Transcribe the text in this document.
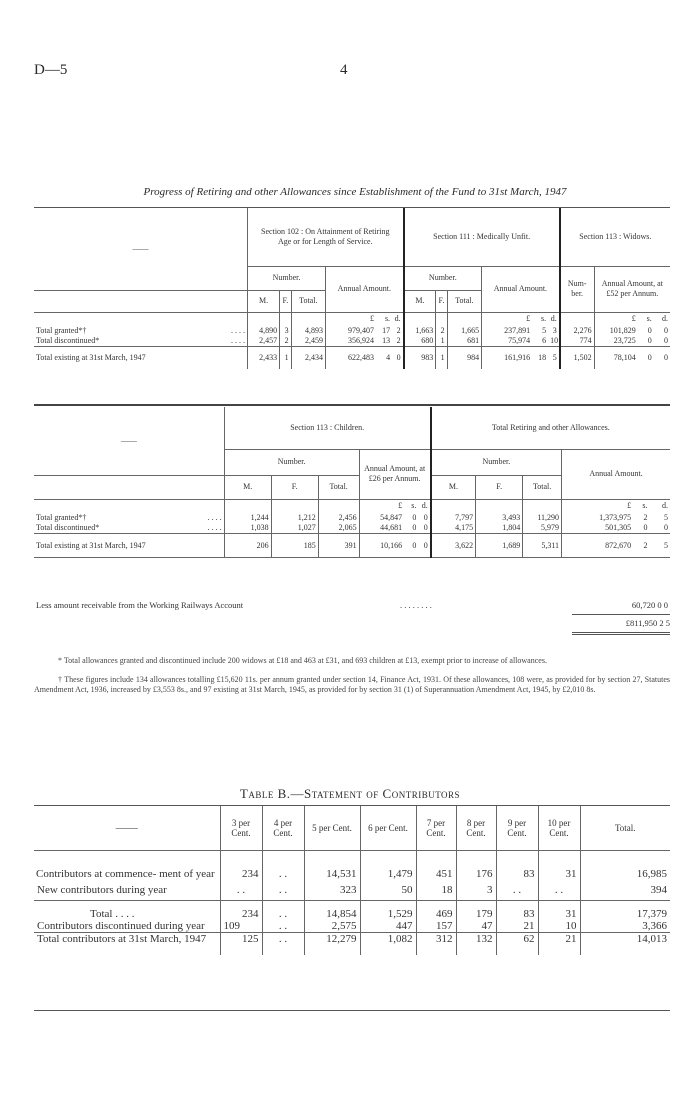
D—5	4
Progress of Retiring and other Allowances since Establishment of the Fund to 31st March, 1947
——	Section 102 : On Attainment of Retiring Age or for Length of Service.						Section 111 : Medically Unfit.						Section 113 : Widows.			
	Number.			Annual Amount.			Number.			Annual Amount.			Num- ber.	Annual Amount, at £52 per Annum.		
	M.	F.	Total.				M.	F.	Total.							
				£	s.	d.				£	s.	d.		£	s.	d.
Total granted*† . . . .	4,890	3	4,893	979,407	17	2	1,663	2	1,665	237,891	5	3	2,276	101,829	0	0
Total discontinued* . . . .	2,457	2	2,459	356,924	13	2	680	1	681	75,974	6	10	774	23,725	0	0
Total existing at 31st March, 1947	2,433	1	2,434	622,483	4	0	983	1	984	161,916	18	5	1,502	78,104	0	0
——	Section 113 : Children.						Total Retiring and other Allowances.					
	Number.			Annual Amount, at £26 per Annum.			Number.			Annual Amount.		
	M.	F.	Total.				M.	F.	Total.			
				£	s.	d.				£	s.	d.
Total granted*† . . . .	1,244	1,212	2,456	54,847	0	0	7,797	3,493	11,290	1,373,975	2	5
Total discontinued* . . . .	1,038	1,027	2,065	44,681	0	0	4,175	1,804	5,979	501,305	0	0
Total existing at 31st March, 1947	206	185	391	10,166	0	0	3,622	1,689	5,311	872,670	2	5
Less amount receivable from the Working Railways Account	. . . . . . . .	60,720 0 0
£811,950 2 5
* Total allowances granted and discontinued include 200 widows at £18 and 463 at £31, and 693 children at £13, exempt prior to increase of allowances.
† These figures include 134 allowances totalling £15,620 11s. per annum granted under section 14, Finance Act, 1931. Of these allowances, 108 were, as provided for by section 27, Statutes Amendment Act, 1936, increased by £3,553 8s., and 97 existing at 31st March, 1945, as provided for by section 31 (1) of Superannuation Amendment Act, 1945, by £2,010 8s.
Table B.—Statement of Contributors
——	3 per Cent.	4 per Cent.	5 per Cent.	6 per Cent.	7 per Cent.	8 per Cent.	9 per Cent.	10 per Cent.	Total.

Contributors at commence- ment of year	234	. .	14,531	1,479	451	176	83	31	16,985
New contributors during year	. .	. .	323	50	18	3	. .	. .	394
Total . . . .	234	. .	14,854	1,529	469	179	83	31	17,379
Contributors discontinued during year	109	. .	2,575	447	157	47	21	10	3,366
Total contributors at 31st March, 1947	125	. .	12,279	1,082	312	132	62	21	14,013
